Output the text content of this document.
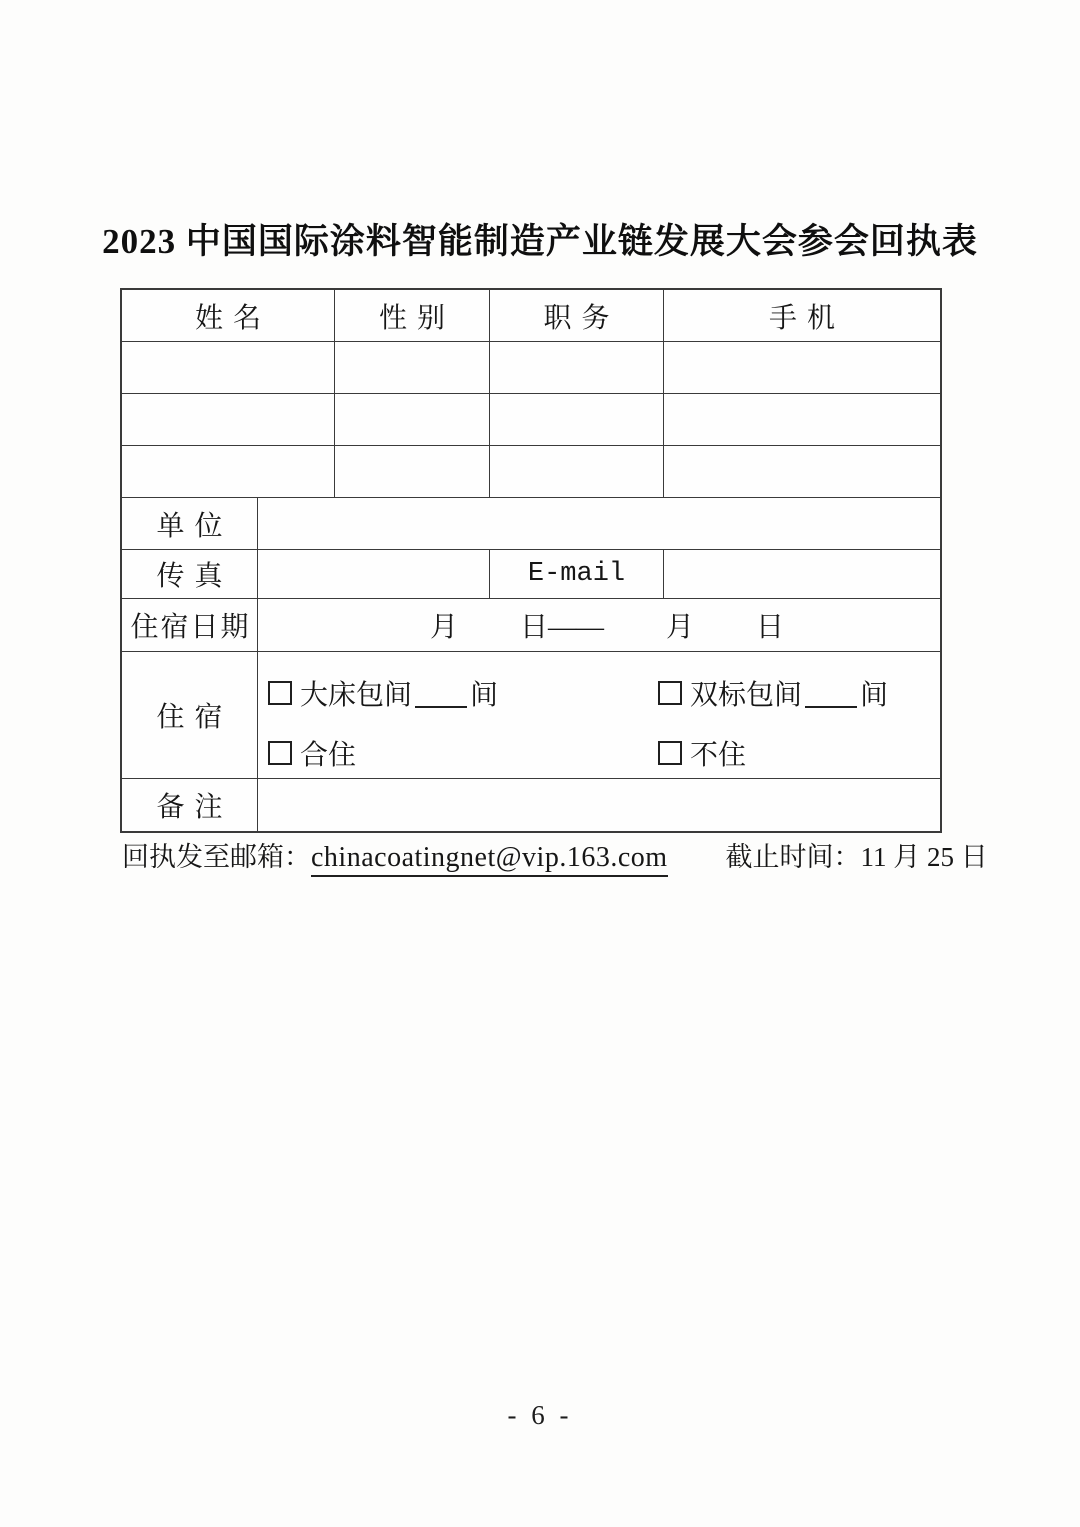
2023 中国国际涂料智能制造产业链发展大会参会回执表
姓名	性别	职务	手机
单位
传真	E-mail
住宿日期	月 日—— 月 日
住宿
大床包间 间	双标包间 间
合住	不住
备注
回执发至邮箱： chinacoatingnet@vip.163.com 截止时间：11 月 25 日
- 6 -
